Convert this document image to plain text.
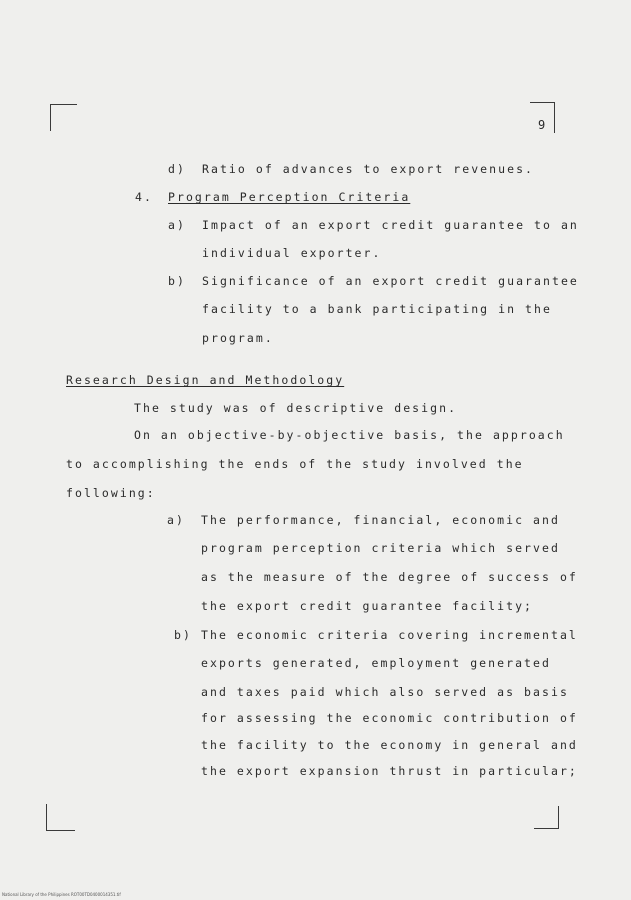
9
d) Ratio of advances to export revenues.
4. Program Perception Criteria
a) Impact of an export credit guarantee to an
individual exporter.
b) Significance of an export credit guarantee
facility to a bank participating in the
program.
Research Design and Methodology
The study was of descriptive design.
On an objective-by-objective basis, the approach
to accomplishing the ends of the study involved the
following:
a) The performance, financial, economic and
program perception criteria which served
as the measure of the degree of success of
the export credit guarantee facility;
b) The economic criteria covering incremental
exports generated, employment generated
and taxes paid which also served as basis
for assessing the economic contribution of
the facility to the economy in general and
the export expansion thrust in particular;
National Library of the Philippines ROT00TD0400014351.tif
